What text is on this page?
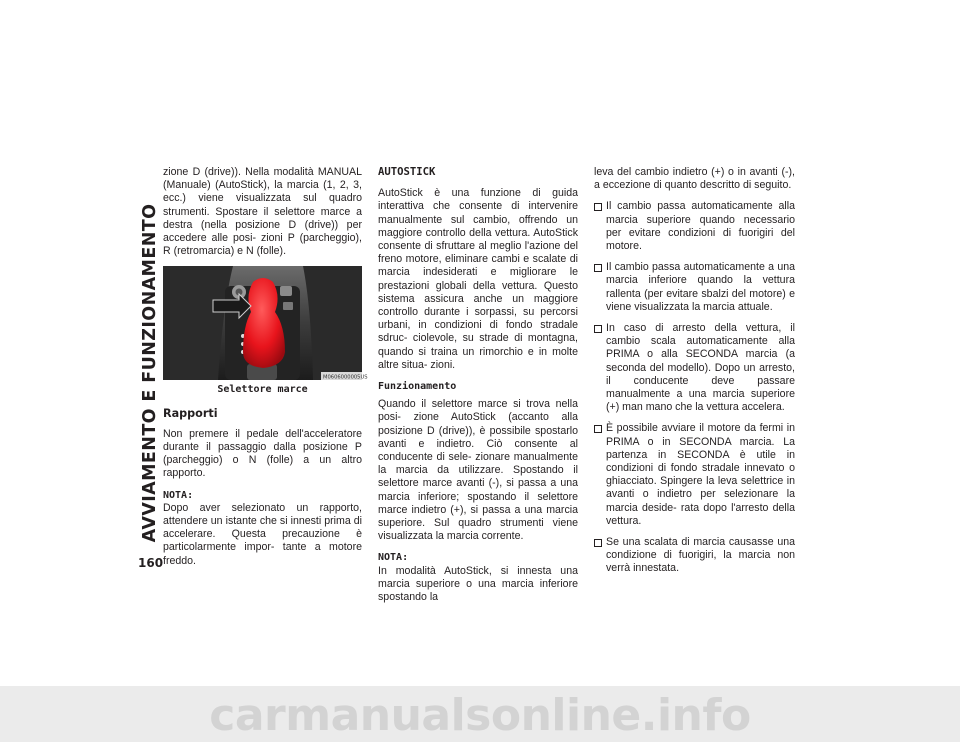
AVVIAMENTO E FUNZIONAMENTO
160

zione D (drive)). Nella modalità MANUAL (Manuale) (AutoStick), la marcia (1, 2, 3, ecc.) viene visualizzata sul quadro strumenti. Spostare il selettore marce a destra (nella posizione D (drive)) per accedere alle posi- zioni P (parcheggio), R (retromarcia) e N (folle).

M0606000005US
Selettore marce
Rapporti

Non premere il pedale dell'acceleratore durante il passaggio dalla posizione P (parcheggio) o N (folle) a un altro rapporto.

NOTA:
Dopo aver selezionato un rapporto, attendere un istante che si innesti prima di accelerare. Questa precauzione è particolarmente impor- tante a motore freddo.

AUTOSTICK

AutoStick è una funzione di guida interattiva che consente di intervenire manualmente sul cambio, offrendo un maggiore controllo della vettura. AutoStick consente di sfruttare al meglio l'azione del freno motore, eliminare cambi e scalate di marcia indesiderati e migliorare le prestazioni globali della vettura. Questo sistema assicura anche un maggiore controllo durante i sorpassi, su percorsi urbani, in condizioni di fondo stradale sdruc- ciolevole, su strade di montagna, quando si traina un rimorchio e in molte altre situa- zioni.

Funzionamento

Quando il selettore marce si trova nella posi- zione AutoStick (accanto alla posizione D (drive)), è possibile spostarlo avanti e indietro. Ciò consente al conducente di sele- zionare manualmente la marcia da utilizzare. Spostando il selettore marce avanti (-), si passa a una marcia inferiore; spostando il selettore marce indietro (+), si passa a una marcia superiore. Sul quadro strumenti viene visualizzata la marcia corrente.

NOTA:
In modalità AutoStick, si innesta una marcia superiore o una marcia inferiore spostando la

leva del cambio indietro (+) o in avanti (-), a eccezione di quanto descritto di seguito.

Il cambio passa automaticamente alla marcia superiore quando necessario per evitare condizioni di fuorigiri del motore.
Il cambio passa automaticamente a una marcia inferiore quando la vettura rallenta (per evitare sbalzi del motore) e viene visualizzata la marcia attuale.
In caso di arresto della vettura, il cambio scala automaticamente alla PRIMA o alla SECONDA marcia (a seconda del modello). Dopo un arresto, il conducente deve passare manualmente a una marcia superiore (+) man mano che la vettura accelera.
È possibile avviare il motore da fermi in PRIMA o in SECONDA marcia. La partenza in SECONDA è utile in condizioni di fondo stradale innevato o ghiacciato. Spingere la leva selettrice in avanti o indietro per selezionare la marcia deside- rata dopo l'arresto della vettura.
Se una scalata di marcia causasse una condizione di fuorigiri, la marcia non verrà innestata.
carmanualsonline.info
